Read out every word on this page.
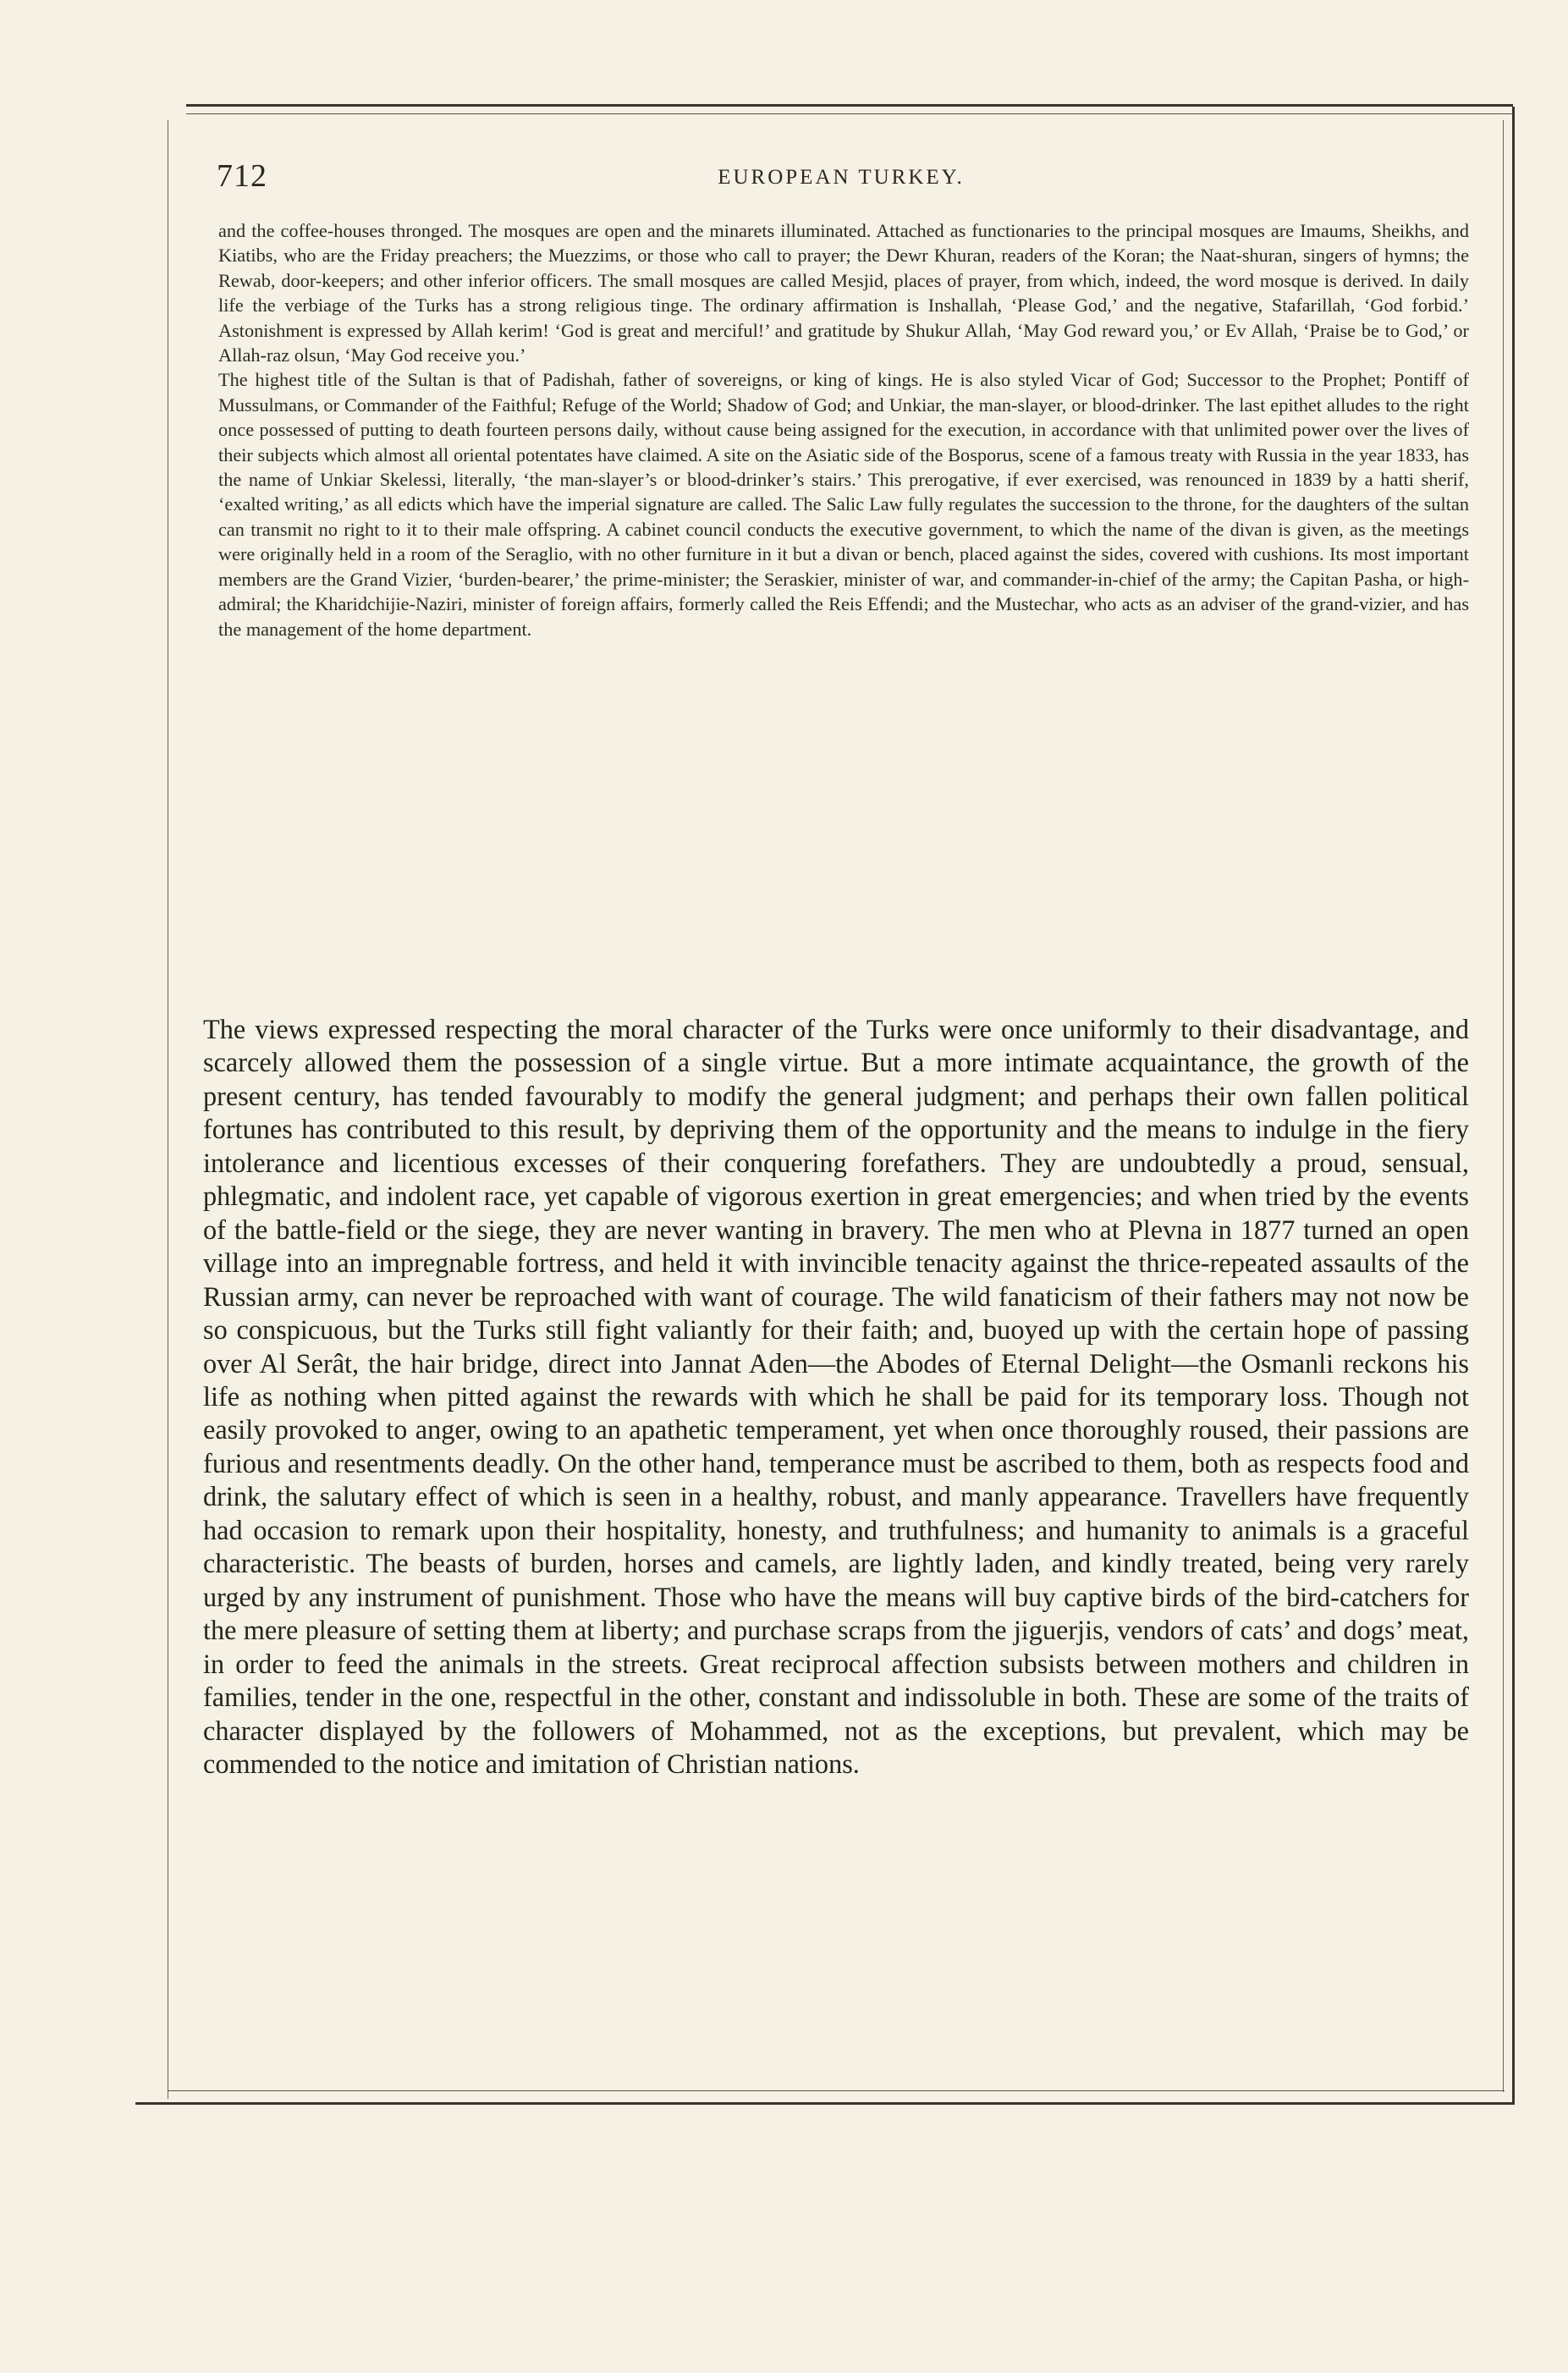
712	EUROPEAN TURKEY.

and the coffee-houses thronged. The mosques are open and the minarets illuminated. Attached as functionaries to the principal mosques are Imaums, Sheikhs, and Kiatibs, who are the Friday preachers; the Muezzims, or those who call to prayer; the Dewr Khuran, readers of the Koran; the Naat-shuran, singers of hymns; the Rewab, door-keepers; and other inferior officers. The small mosques are called Mesjid, places of prayer, from which, indeed, the word mosque is derived. In daily life the verbiage of the Turks has a strong religious tinge. The ordinary affirmation is Inshallah, ‘Please God,’ and the negative, Stafarillah, ‘God forbid.’ Astonishment is expressed by Allah kerim! ‘God is great and merciful!’ and gratitude by Shukur Allah, ‘May God reward you,’ or Ev Allah, ‘Praise be to God,’ or Allah-raz olsun, ‘May God receive you.’

The highest title of the Sultan is that of Padishah, father of sovereigns, or king of kings. He is also styled Vicar of God; Successor to the Prophet; Pontiff of Mussulmans, or Commander of the Faithful; Refuge of the World; Shadow of God; and Unkiar, the man-slayer, or blood-drinker. The last epithet alludes to the right once possessed of putting to death fourteen persons daily, without cause being assigned for the execution, in accordance with that unlimited power over the lives of their subjects which almost all oriental potentates have claimed. A site on the Asiatic side of the Bosporus, scene of a famous treaty with Russia in the year 1833, has the name of Unkiar Skelessi, literally, ‘the man-slayer’s or blood-drinker’s stairs.’ This prerogative, if ever exercised, was renounced in 1839 by a hatti sherif, ‘exalted writing,’ as all edicts which have the imperial signature are called. The Salic Law fully regulates the succession to the throne, for the daughters of the sultan can transmit no right to it to their male offspring. A cabinet council conducts the executive government, to which the name of the divan is given, as the meetings were originally held in a room of the Seraglio, with no other furniture in it but a divan or bench, placed against the sides, covered with cushions. Its most important members are the Grand Vizier, ‘burden-bearer,’ the prime-minister; the Seraskier, minister of war, and commander-in-chief of the army; the Capitan Pasha, or high-admiral; the Kharidchijie-Naziri, minister of foreign affairs, formerly called the Reis Effendi; and the Mustechar, who acts as an adviser of the grand-vizier, and has the management of the home department.

The views expressed respecting the moral character of the Turks were once uniformly to their disadvantage, and scarcely allowed them the possession of a single virtue. But a more intimate acquaintance, the growth of the present century, has tended favourably to modify the general judgment; and perhaps their own fallen political fortunes has contributed to this result, by depriving them of the opportunity and the means to indulge in the fiery intolerance and licentious excesses of their conquering forefathers. They are undoubtedly a proud, sensual, phlegmatic, and indolent race, yet capable of vigorous exertion in great emergencies; and when tried by the events of the battle-field or the siege, they are never wanting in bravery. The men who at Plevna in 1877 turned an open village into an impregnable fortress, and held it with invincible tenacity against the thrice-repeated assaults of the Russian army, can never be reproached with want of courage. The wild fanaticism of their fathers may not now be so conspicuous, but the Turks still fight valiantly for their faith; and, buoyed up with the certain hope of passing over Al Serât, the hair bridge, direct into Jannat Aden—the Abodes of Eternal Delight—the Osmanli reckons his life as nothing when pitted against the rewards with which he shall be paid for its temporary loss. Though not easily provoked to anger, owing to an apathetic temperament, yet when once thoroughly roused, their passions are furious and resentments deadly. On the other hand, temperance must be ascribed to them, both as respects food and drink, the salutary effect of which is seen in a healthy, robust, and manly appearance. Travellers have frequently had occasion to remark upon their hospitality, honesty, and truthfulness; and humanity to animals is a graceful characteristic. The beasts of burden, horses and camels, are lightly laden, and kindly treated, being very rarely urged by any instrument of punishment. Those who have the means will buy captive birds of the bird-catchers for the mere pleasure of setting them at liberty; and purchase scraps from the jiguerjis, vendors of cats’ and dogs’ meat, in order to feed the animals in the streets. Great reciprocal affection subsists between mothers and children in families, tender in the one, respectful in the other, constant and indissoluble in both. These are some of the traits of character displayed by the followers of Mohammed, not as the exceptions, but prevalent, which may be commended to the notice and imitation of Christian nations.
